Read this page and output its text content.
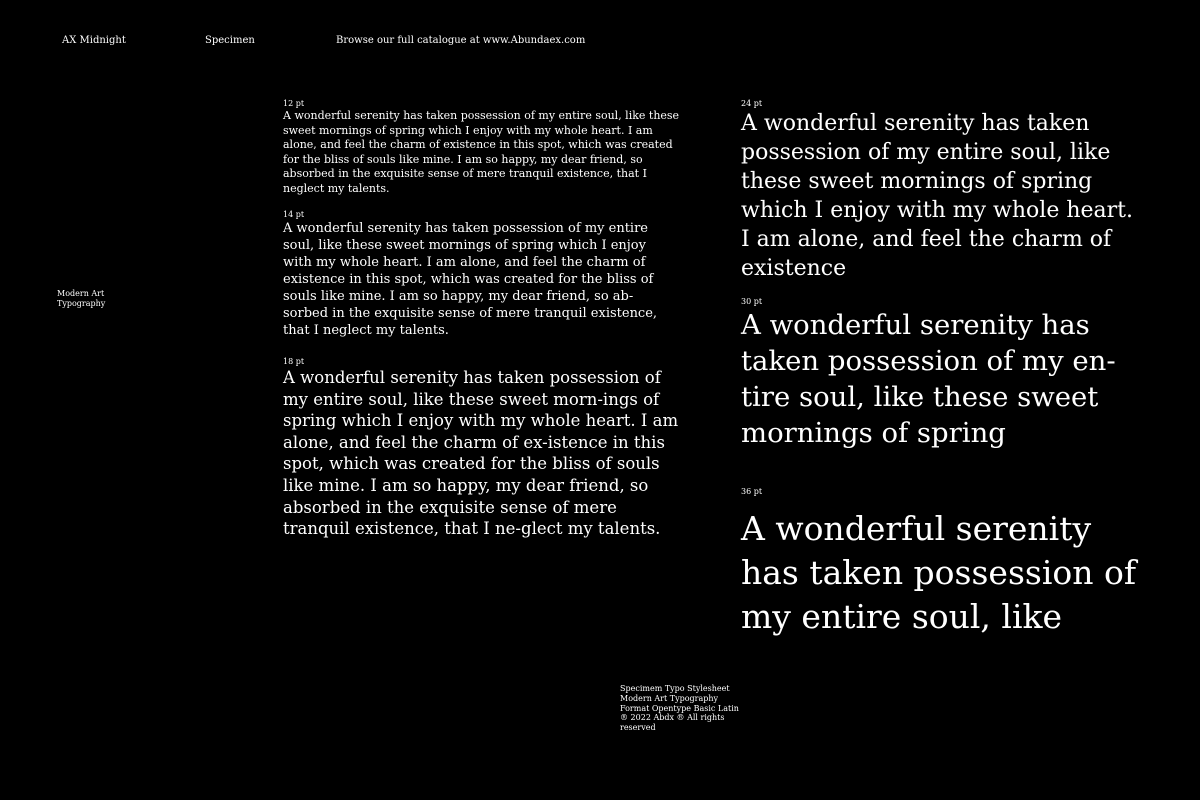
AX Midnight	Specimen	Browse our full catalogue at www.Abundaex.com
Modern Art
Typography
12 pt

A wonderful serenity has taken possession of my entire soul, like these sweet mornings of spring which I enjoy with my whole heart. I am alone, and feel the charm of existence in this spot, which was created for the bliss of souls like mine. I am so happy, my dear friend, so absorbed in the exquisite sense of mere tranquil existence, that I neglect my talents.

14 pt

A wonderful serenity has taken possession of my entire soul, like these sweet mornings of spring which I enjoy with my whole heart. I am alone, and feel the charm of existence in this spot, which was created for the bliss of souls like mine. I am so happy, my dear friend, so ab-sorbed in the exquisite sense of mere tranquil existence, that I neglect my talents.

18 pt

A wonderful serenity has taken possession of my entire soul, like these sweet morn-ings of spring which I enjoy with my whole heart. I am alone, and feel the charm of ex-istence in this spot, which was created for the bliss of souls like mine. I am so happy, my dear friend, so absorbed in the exquisite sense of mere tranquil existence, that I ne-glect my talents.

24 pt

A wonderful serenity has taken possession of my entire soul, like these sweet mornings of spring which I enjoy with my whole heart. I am alone, and feel the charm of existence

30 pt

A wonderful serenity has taken possession of my en-tire soul, like these sweet mornings of spring

36 pt

A wonderful serenity has taken possession of my entire soul, like

Specimem Typo Stylesheet
Modern Art Typography
Format Opentype Basic Latin
® 2022 Abdx ® All rights
reserved
